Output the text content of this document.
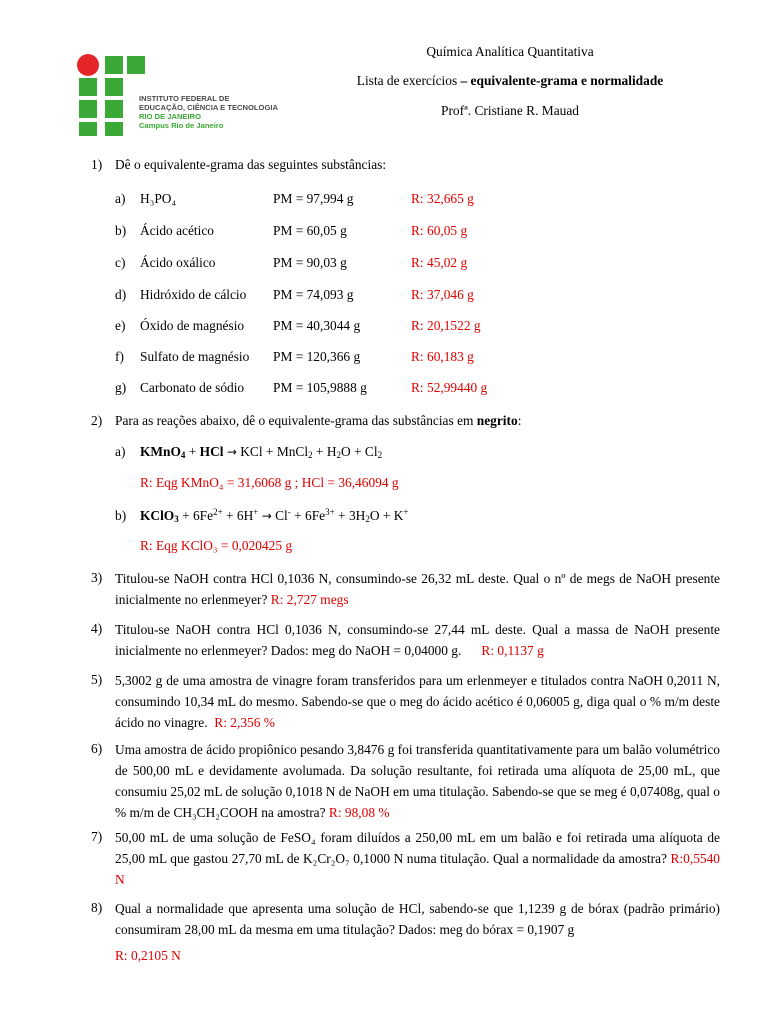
INSTITUTO FEDERAL DE
EDUCAÇÃO, CIÊNCIA E TECNOLOGIA
RIO DE JANEIRO
Campus Rio de Janeiro
Química Analítica Quantitativa
Lista de exercícios – equivalente-grama e normalidade
Profª. Cristiane R. Mauad
1) Dê o equivalente-grama das seguintes substâncias:
a) H₃PO₄	PM = 97,994 g	R: 32,665 g
b) Ácido acético	PM = 60,05 g	R: 60,05 g
c) Ácido oxálico	PM = 90,03 g	R: 45,02 g
d) Hidróxido de cálcio PM = 74,093 g	R: 37,046 g
e) Óxido de magnésio PM = 40,3044 g	R: 20,1522 g
f) Sulfato de magnésio PM = 120,366 g	R: 60,183 g
g) Carbonato de sódio PM = 105,9888 g	R: 52,99440 g
2) Para as reações abaixo, dê o equivalente-grama das substâncias em negrito:
a) KMnO$_4$ + HCl → KCl + MnCl$_2$ + $H_2O + Cl_2$
R: Eqg KMnO₄ = 31,6068 g ; HCl = 36,46094 g
b) KClO$_3$ + $6Fe^{2+} + 6H^+ \to Cl^- + 6Fe^{3+} + 3H_2O + K^+$
R: Eqg KClO₃ = 0,020425 g
3) Titulou-se NaOH contra HCl 0,1036 N, consumindo-se 26,32 mL deste. Qual o nº de megs de NaOH presente inicialmente no erlenmeyer? R: 2,727 megs
4) Titulou-se NaOH contra HCl 0,1036 N, consumindo-se 27,44 mL deste. Qual a massa de NaOH presente inicialmente no erlenmeyer? Dados: meg do NaOH = 0,04000 g. R: 0,1137 g
5) 5,3002 g de uma amostra de vinagre foram transferidos para um erlenmeyer e titulados contra NaOH 0,2011 N, consumindo 10,34 mL do mesmo. Sabendo-se que o meg do ácido acético é 0,06005 g, diga qual o % m/m deste ácido no vinagre. R: 2,356 %
6) Uma amostra de ácido propiônico pesando 3,8476 g foi transferida quantitativamente para um balão volumétrico de 500,00 mL e devidamente avolumada. Da solução resultante, foi retirada uma alíquota de 25,00 mL, que consumiu 25,02 mL de solução 0,1018 N de NaOH em uma titulação. Sabendo-se que se meg é 0,07408g, qual o % m/m de CH₃CH₂COOH na amostra? R: 98,08 %
7) 50,00 mL de uma solução de FeSO₄ foram diluídos a 250,00 mL em um balão e foi retirada uma alíquota de 25,00 mL que gastou 27,70 mL de K₂Cr₂O₇ 0,1000 N numa titulação. Qual a normalidade da amostra? R:0,5540 N
8) Qual a normalidade que apresenta uma solução de HCl, sabendo-se que 1,1239 g de bórax (padrão primário) consumiram 28,00 mL da mesma em uma titulação? Dados: meg do bórax = 0,1907 g
R: 0,2105 N
